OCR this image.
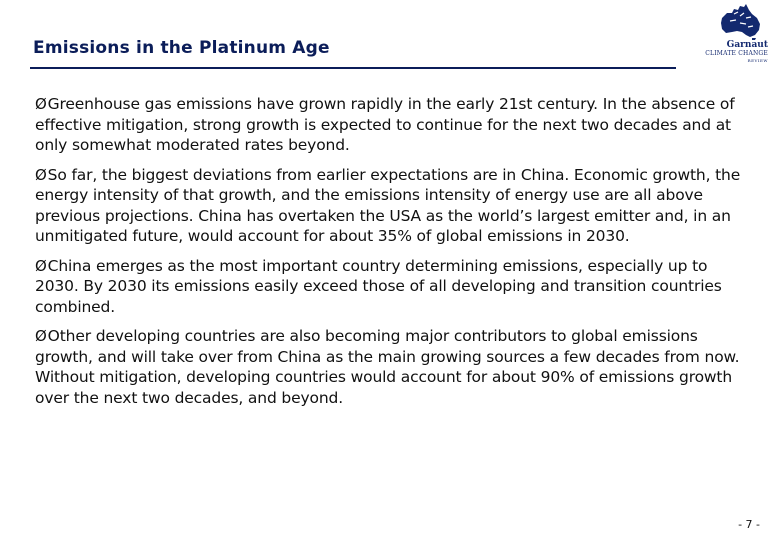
Emissions in the Platinum Age	Garnaut
CLIMATE CHANGE
REVIEW
ØGreenhouse gas emissions have grown rapidly in the early 21st century. In the absence of effective mitigation, strong growth is expected to continue for the next two decades and at only somewhat moderated rates beyond.
ØSo far, the biggest deviations from earlier expectations are in China. Economic growth, the energy intensity of that growth, and the emissions intensity of energy use are all above previous projections. China has overtaken the USA as the world’s largest emitter and, in an unmitigated future, would account for about 35% of global emissions in 2030.
ØChina emerges as the most important country determining emissions, especially up to 2030. By 2030 its emissions easily exceed those of all developing and transition countries combined.
ØOther developing countries are also becoming major contributors to global emissions growth, and will take over from China as the main growing sources a few decades from now. Without mitigation, developing countries would account for about 90% of emissions growth over the next two decades, and beyond.
- 7 -
